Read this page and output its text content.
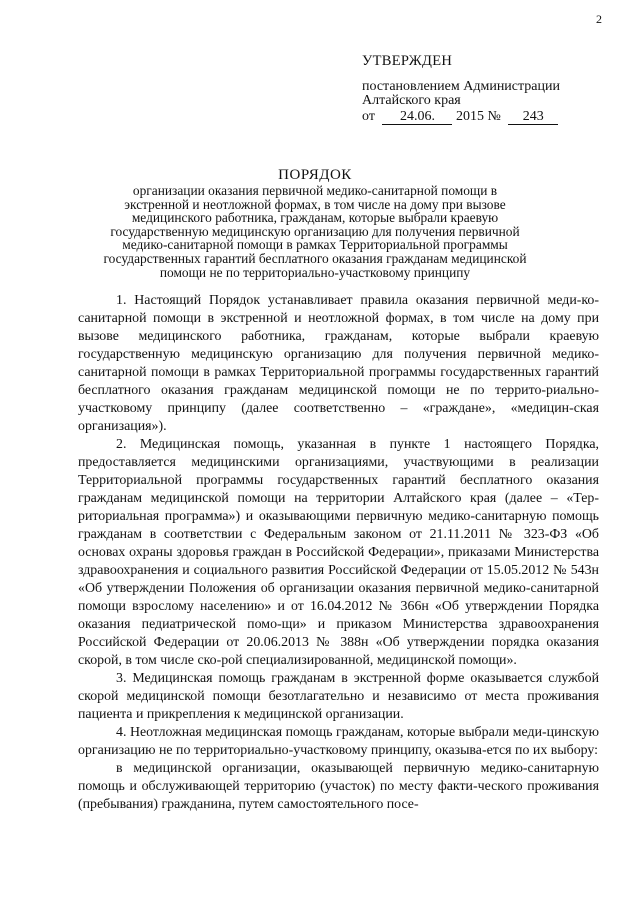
2
УТВЕРЖДЕН
постановлением Администрации
Алтайского края
от 24.06. 2015 № 243
ПОРЯДОК
организации оказания первичной медико-санитарной помощи в экстренной и неотложной формах, в том числе на дому при вызове медицинского работника, гражданам, которые выбрали краевую государственную медицинскую организацию для получения первичной медико-санитарной помощи в рамках Территориальной программы государственных гарантий бесплатного оказания гражданам медицинской помощи не по территориально-участковому принципу

1. Настоящий Порядок устанавливает правила оказания первичной меди-ко-санитарной помощи в экстренной и неотложной формах, в том числе на дому при вызове медицинского работника, гражданам, которые выбрали краевую государственную медицинскую организацию для получения первичной медико-санитарной помощи в рамках Территориальной программы государственных гарантий бесплатного оказания гражданам медицинской помощи не по террито-риально-участковому принципу (далее соответственно – «граждане», «медицин-ская организация»).

2. Медицинская помощь, указанная в пункте 1 настоящего Порядка, предоставляется медицинскими организациями, участвующими в реализации Территориальной программы государственных гарантий бесплатного оказания гражданам медицинской помощи на территории Алтайского края (далее – «Тер-риториальная программа») и оказывающими первичную медико-санитарную помощь гражданам в соответствии с Федеральным законом от 21.11.2011 № 323-ФЗ «Об основах охраны здоровья граждан в Российской Федерации», приказами Министерства здравоохранения и социального развития Российской Федерации от 15.05.2012 № 543н «Об утверждении Положения об организации оказания первичной медико-санитарной помощи взрослому населению» и от 16.04.2012 № 366н «Об утверждении Порядка оказания педиатрической помо-щи» и приказом Министерства здравоохранения Российской Федерации от 20.06.2013 № 388н «Об утверждении порядка оказания скорой, в том числе ско-рой специализированной, медицинской помощи».

3. Медицинская помощь гражданам в экстренной форме оказывается службой скорой медицинской помощи безотлагательно и независимо от места проживания пациента и прикрепления к медицинской организации.

4. Неотложная медицинская помощь гражданам, которые выбрали меди-цинскую организацию не по территориально-участковому принципу, оказыва-ется по их выбору:

в медицинской организации, оказывающей первичную медико-санитарную помощь и обслуживающей территорию (участок) по месту факти-ческого проживания (пребывания) гражданина, путем самостоятельного посе-
